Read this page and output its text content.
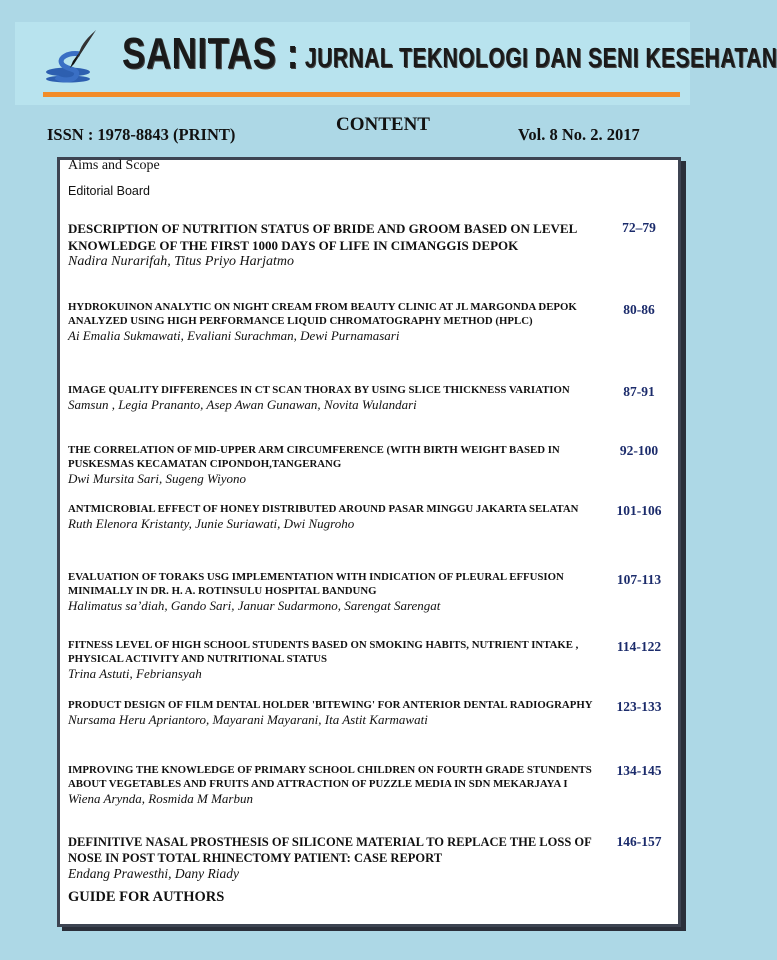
SANITAS : JURNAL TEKNOLOGI DAN SENI KESEHATAN
ISSN : 1978-8843 (PRINT)	CONTENT	Vol. 8 No. 2. 2017
Aims and Scope
Editorial Board
DESCRIPTION OF NUTRITION STATUS OF BRIDE AND GROOM BASED ON LEVEL KNOWLEDGE OF THE FIRST 1000 DAYS OF LIFE IN CIMANGGIS DEPOK
Nadira Nurarifah, Titus Priyo Harjatmo
72–79
HYDROKUINON ANALYTIC ON NIGHT CREAM FROM BEAUTY CLINIC AT JL MARGONDA DEPOK ANALYZED USING HIGH PERFORMANCE LIQUID CHROMATOGRAPHY METHOD (HPLC)
Ai Emalia Sukmawati, Evaliani Surachman, Dewi Purnamasari
80-86
IMAGE QUALITY DIFFERENCES IN CT SCAN THORAX BY USING SLICE THICKNESS VARIATION
Samsun , Legia Prananto, Asep Awan Gunawan, Novita Wulandari
87-91
THE CORRELATION OF MID-UPPER ARM CIRCUMFERENCE (WITH BIRTH WEIGHT BASED IN PUSKESMAS KECAMATAN CIPONDOH,TANGERANG
Dwi Mursita Sari, Sugeng Wiyono
92-100
ANTMICROBIAL EFFECT OF HONEY DISTRIBUTED AROUND PASAR MINGGU JAKARTA SELATAN
Ruth Elenora Kristanty, Junie Suriawati, Dwi Nugroho
101-106
EVALUATION OF TORAKS USG IMPLEMENTATION WITH INDICATION OF PLEURAL EFFUSION MINIMALLY IN DR. H. A. ROTINSULU HOSPITAL BANDUNG
Halimatus sa’diah, Gando Sari, Januar Sudarmono, Sarengat Sarengat
107-113
FITNESS LEVEL OF HIGH SCHOOL STUDENTS BASED ON SMOKING HABITS, NUTRIENT INTAKE , PHYSICAL ACTIVITY AND NUTRITIONAL STATUS
Trina Astuti, Febriansyah
114-122
PRODUCT DESIGN OF FILM DENTAL HOLDER 'BITEWING' FOR ANTERIOR DENTAL RADIOGRAPHY
Nursama Heru Apriantoro, Mayarani Mayarani, Ita Astit Karmawati
123-133
IMPROVING THE KNOWLEDGE OF PRIMARY SCHOOL CHILDREN ON FOURTH GRADE STUNDENTS ABOUT VEGETABLES AND FRUITS AND ATTRACTION OF PUZZLE MEDIA IN SDN MEKARJAYA I
Wiena Arynda, Rosmida M Marbun
134-145
DEFINITIVE NASAL PROSTHESIS OF SILICONE MATERIAL TO REPLACE THE LOSS OF NOSE IN POST TOTAL RHINECTOMY PATIENT: CASE REPORT
Endang Prawesthi, Dany Riady
146-157
GUIDE FOR AUTHORS
